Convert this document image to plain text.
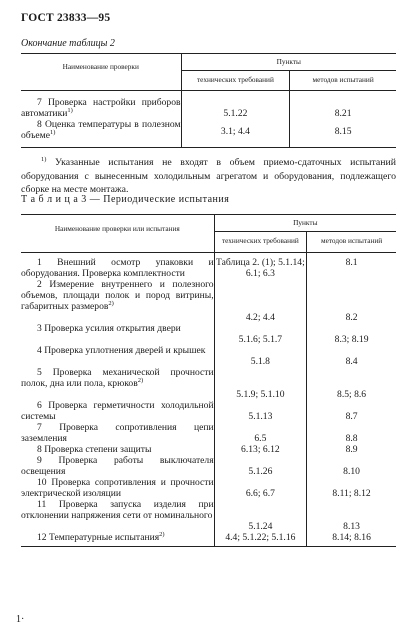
ГОСТ 23833—95
Окончание таблицы 2
Наименование проверки	Пункты	
	технических требований	методов испытаний
7 Проверка настройки приборов автоматики$^{1)}$	5.1.22	8.21
8 Оценка температуры в полезном объеме$^{1)}$	3.1; 4.4	8.15
$^{1)}$ Указанные испытания не входят в объем приемо-сдаточных испытаний оборудования с вынесенным холодильным агрегатом и оборудования, подлежащего сборке на месте монтажа.
Т а б л и ц а 3 — Периодические испытания
Наименование проверки или испытания	Пункты	
	технических требований	методов испытаний
1 Внешний осмотр упаковки и оборудования. Проверка комплектности	Таблица 2. (1); 5.1.14; 6.1; 6.3	8.1
2 Измерение внутреннего и полезного объемов, площади полок и пород витрины, габаритных размеров$^{2)}$	4.2; 4.4	8.2
3 Проверка усилия открытия двери	5.1.6; 5.1.7	8.3; 8.19
4 Проверка уплотнения дверей и крышек	5.1.8	8.4
5 Проверка механической прочности полок, дна или пола, крюков$^{2)}$	5.1.9; 5.1.10	8.5; 8.6
6 Проверка герметичности холодильной системы	5.1.13	8.7
7 Проверка сопротивления цепи заземления	6.5	8.8
8 Проверка степени защиты	6.13; 6.12	8.9
9 Проверка работы выключателя освещения	5.1.26	8.10
10 Проверка сопротивления и прочности электрической изоляции	6.6; 6.7	8.11; 8.12
11 Проверка запуска изделия при отклонении напряжения сети от номинального	5.1.24	8.13
12 Температурные испытания$^{2)}$	4.4; 5.1.22; 5.1.16	8.14; 8.16
1·
